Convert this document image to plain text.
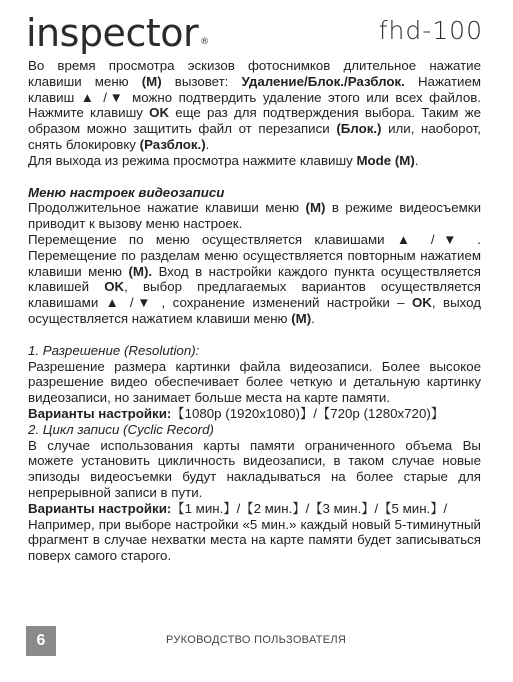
inspector ®	fhd-100

Во время просмотра эскизов фотоснимков длительное нажатие клавиши меню (M) вызовет: Удаление/Блок./Разблок. Нажатием клавиш ▲ /▼ можно подтвердить удаление этого или всех файлов. Нажмите клавишу OK еще раз для подтверждения выбора. Таким же образом можно защитить файл от перезаписи (Блок.) или, наоборот, снять блокировку (Разблок.).

Для выхода из режима просмотра нажмите клавишу Mode (M).

Меню настроек видеозаписи

Продолжительное нажатие клавиши меню (M) в режиме видеосъемки приводит к вызову меню настроек.

Перемещение по меню осуществляется клавишами ▲ /▼ . Перемещение по разделам меню осуществляется повторным нажатием клавиши меню (M). Вход в настройки каждого пункта осуществляется клавишей OK, выбор предлагаемых вариантов осуществляется клавишами ▲ /▼ , сохранение изменений настройки – OK, выход осуществляется нажатием клавиши меню (M).

1. Разрешение (Resolution):

Разрешение размера картинки файла видеозаписи. Более высокое разрешение видео обеспечивает более четкую и детальную картинку видеозаписи, но занимает больше места на карте памяти.

Варианты настройки:【1080р (1920x1080)】/【720р (1280x720)】

2. Цикл записи (Cyclic Record)

В случае использования карты памяти ограниченного объема Вы можете установить цикличность видеозаписи, в таком случае новые эпизоды видеосъемки будут накладываться на более старые для непрерывной записи в пути.

Варианты настройки:【1 мин.】/【2 мин.】/【3 мин.】/【5 мин.】/

Например, при выборе настройки «5 мин.» каждый новый 5-тиминутный фрагмент в случае нехватки места на карте памяти будет записываться поверх самого старого.

6	РУКОВОДСТВО ПОЛЬЗОВАТЕЛЯ
